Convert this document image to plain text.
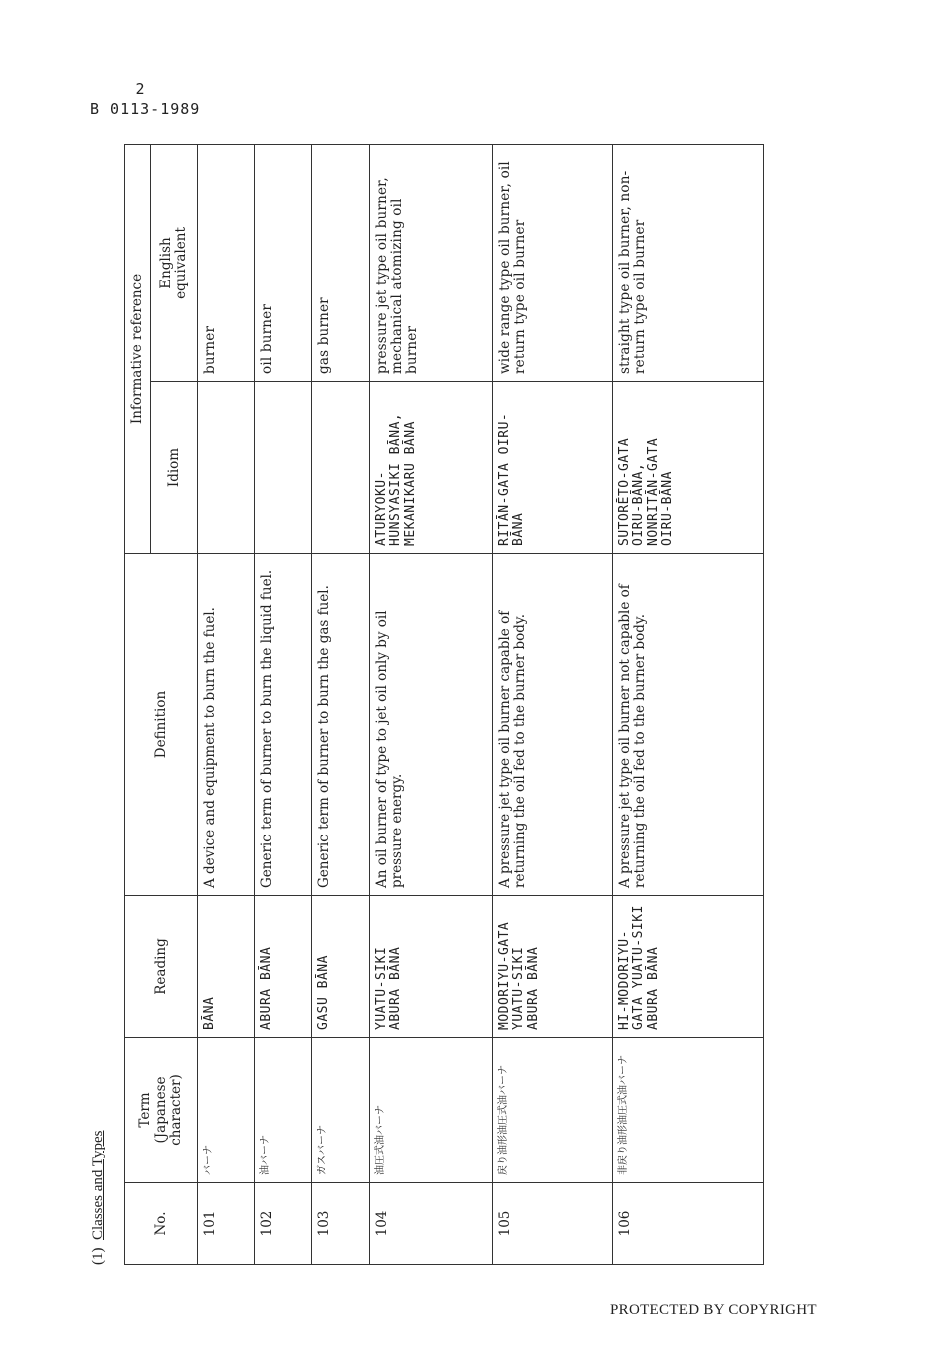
2
B 0113-1989
(1)  Classes and Types	No.	Term (Japanese character)	Reading	Definition	Informative reference	
				Idiom	English equivalent

101	バーナ	BĀNA	A device and equipment to burn the fuel.		burner
102	油バーナ	ABURA BĀNA	Generic term of burner to burn the liquid fuel.		oil burner
103	ガスバーナ	GASU BĀNA	Generic term of burner to burn the gas fuel.		gas burner
104	油圧式油バーナ	YUATU-SIKI ABURA BĀNA	An oil burner of type to jet oil only by oil pressure energy.	ATURYOKU-HUNSYASIKI BĀNA, MEKANIKARU BĀNA	pressure jet type oil burner, mechanical atomizing oil burner
105	戻り油形油圧式油バーナ	MODORIYU-GATA YUATU-SIKI ABURA BĀNA	A pressure jet type oil burner capable of returning the oil fed to the burner body.	RITĀN-GATA OIRU-BĀNA	wide range type oil burner, oil return type oil burner
106	非戻り油形油圧式油バーナ	HI-MODORIYU-GATA YUATU-SIKI ABURA BĀNA	A pressure jet type oil burner not capable of returning the oil fed to the burner body.	SUTORĒTO-GATA OIRU-BĀNA, NONRITĀN-GATA OIRU-BĀNA	straight type oil burner, non-return type oil burner
PROTECTED BY COPYRIGHT
